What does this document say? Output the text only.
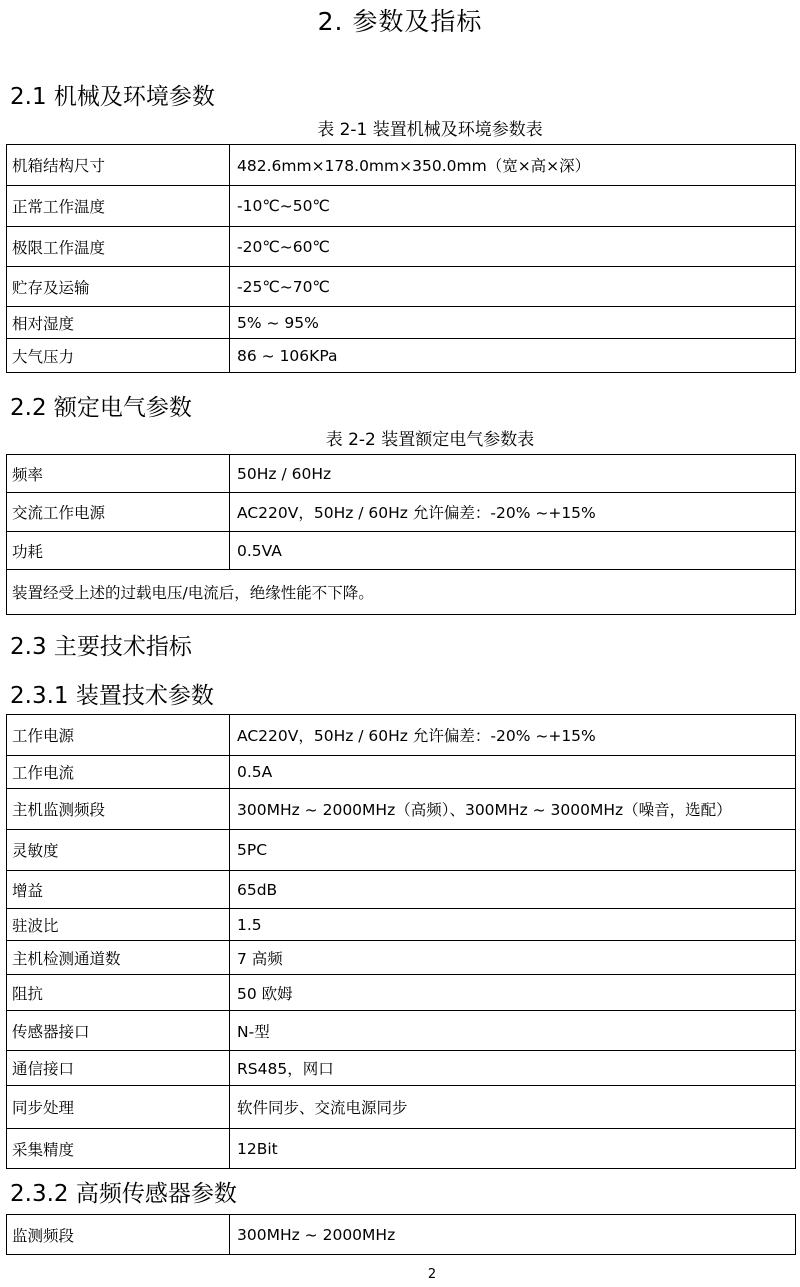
2. 参数及指标
2.1 机械及环境参数
表 2-1 装置机械及环境参数表
机箱结构尺寸	482.6mm×178.0mm×350.0mm（宽×高×深）
正常工作温度	-10℃~50℃
极限工作温度	-20℃~60℃
贮存及运输	-25℃~70℃
相对湿度	5% ~ 95%
大气压力	86 ~ 106KPa
2.2 额定电气参数
表 2-2 装置额定电气参数表
频率	50Hz / 60Hz
交流工作电源	AC220V，50Hz / 60Hz 允许偏差：-20% ~+15%
功耗	0.5VA
装置经受上述的过载电压/电流后，绝缘性能不下降。	
2.3 主要技术指标
2.3.1 装置技术参数
工作电源	AC220V，50Hz / 60Hz 允许偏差：-20% ~+15%
工作电流	0.5A
主机监测频段	300MHz ~ 2000MHz（高频）、300MHz ~ 3000MHz（噪音，选配）
灵敏度	5PC
增益	65dB
驻波比	1.5
主机检测通道数	7 高频
阻抗	50 欧姆
传感器接口	N-型
通信接口	RS485，网口
同步处理	软件同步、交流电源同步
采集精度	12Bit
2.3.2 高频传感器参数
监测频段	300MHz ~ 2000MHz
2
